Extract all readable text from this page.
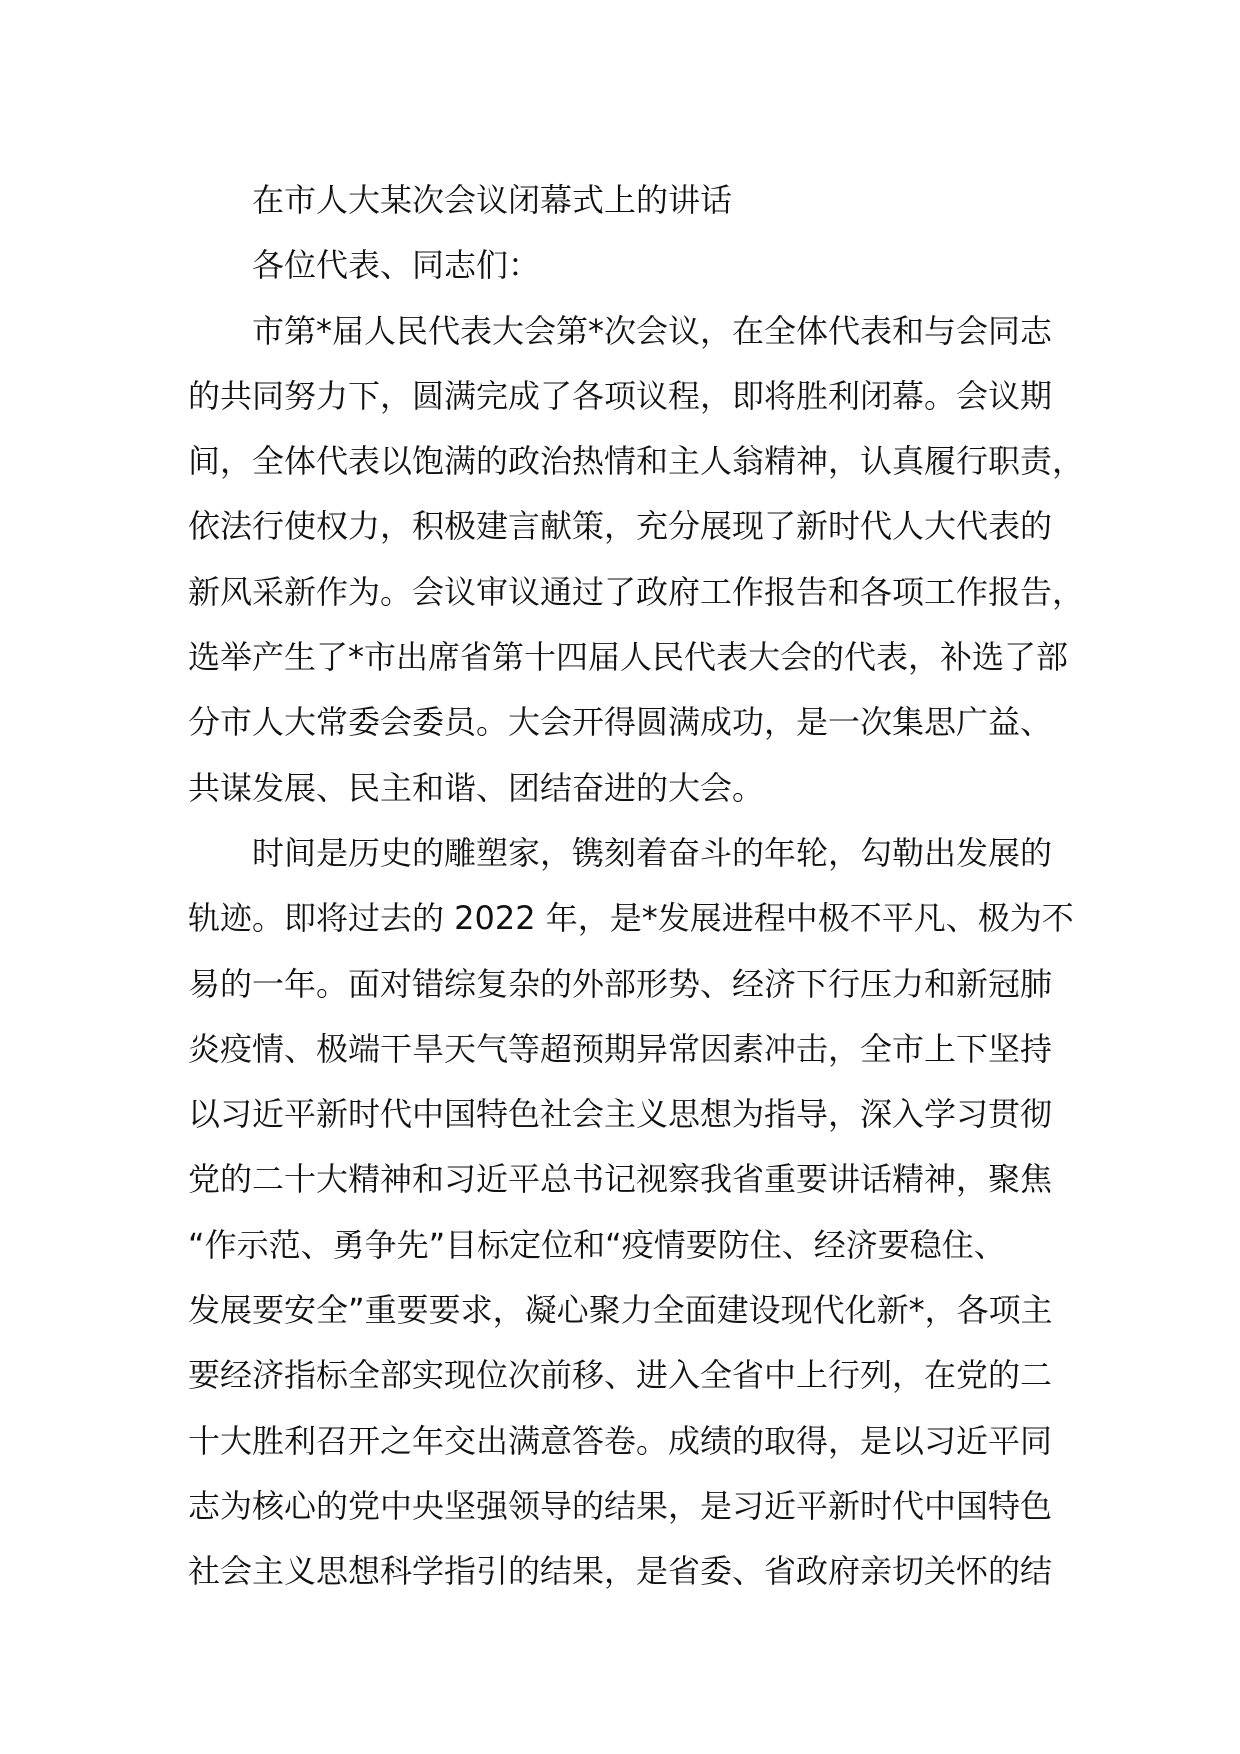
在市人大某次会议闭幕式上的讲话
各位代表、同志们：
市第*届人民代表大会第*次会议，在全体代表和与会同志
的共同努力下，圆满完成了各项议程，即将胜利闭幕。会议期
间，全体代表以饱满的政治热情和主人翁精神，认真履行职责，
依法行使权力，积极建言献策，充分展现了新时代人大代表的
新风采新作为。会议审议通过了政府工作报告和各项工作报告，
选举产生了*市出席省第十四届人民代表大会的代表，补选了部
分市人大常委会委员。大会开得圆满成功，是一次集思广益、
共谋发展、民主和谐、团结奋进的大会。
时间是历史的雕塑家，镌刻着奋斗的年轮，勾勒出发展的
轨迹。即将过去的 2022 年，是*发展进程中极不平凡、极为不
易的一年。面对错综复杂的外部形势、经济下行压力和新冠肺
炎疫情、极端干旱天气等超预期异常因素冲击，全市上下坚持
以习近平新时代中国特色社会主义思想为指导，深入学习贯彻
党的二十大精神和习近平总书记视察我省重要讲话精神，聚焦
“作示范、勇争先”目标定位和“疫情要防住、经济要稳住、
发展要安全”重要要求，凝心聚力全面建设现代化新*，各项主
要经济指标全部实现位次前移、进入全省中上行列，在党的二
十大胜利召开之年交出满意答卷。成绩的取得，是以习近平同
志为核心的党中央坚强领导的结果，是习近平新时代中国特色
社会主义思想科学指引的结果，是省委、省政府亲切关怀的结
